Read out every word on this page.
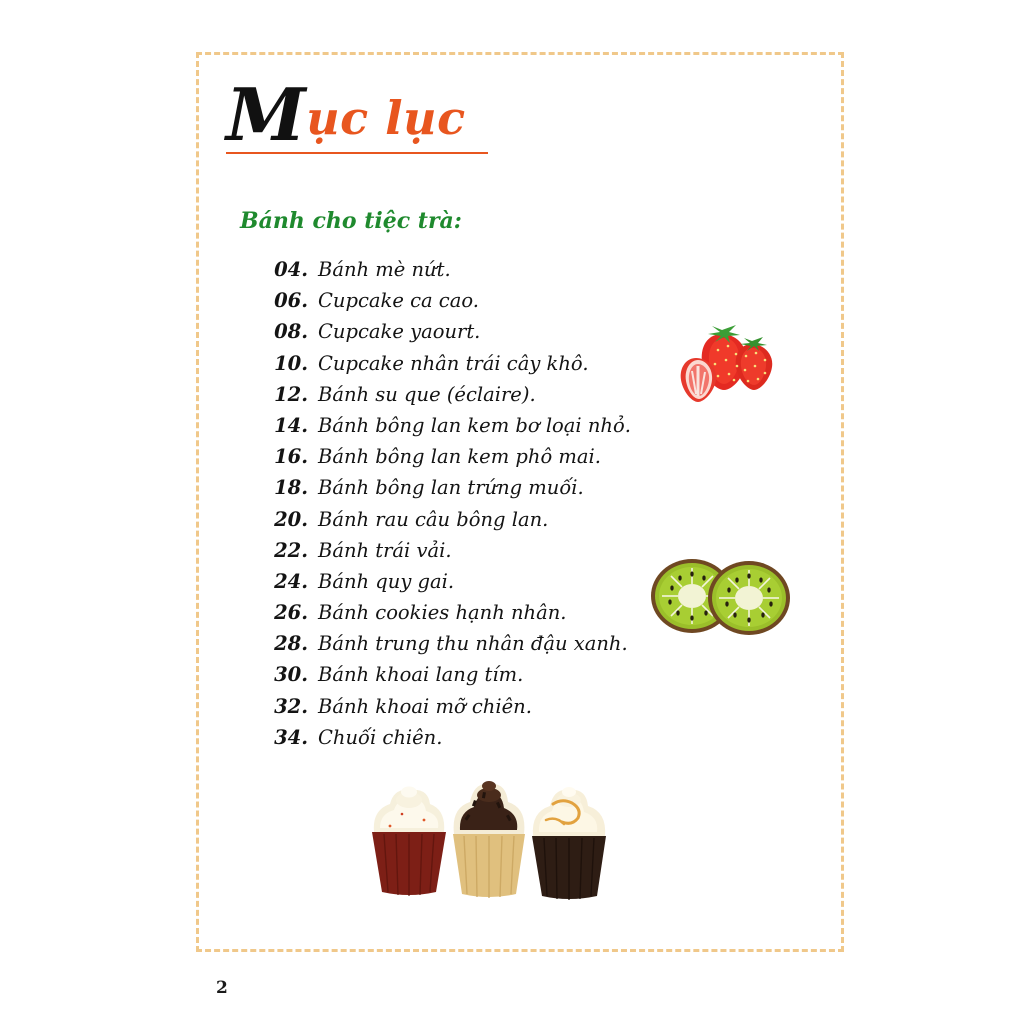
Mục lục
Bánh cho tiệc trà:
04. Bánh mè nứt.
06. Cupcake ca cao.
08. Cupcake yaourt.
10. Cupcake nhân trái cây khô.
12. Bánh su que (éclaire).
14. Bánh bông lan kem bơ loại nhỏ.
16. Bánh bông lan kem phô mai.
18. Bánh bông lan trứng muối.
20. Bánh rau câu bông lan.
22. Bánh trái vải.
24. Bánh quy gai.
26. Bánh cookies hạnh nhân.
28. Bánh trung thu nhân đậu xanh.
30. Bánh khoai lang tím.
32. Bánh khoai mỡ chiên.
34. Chuối chiên.
2
